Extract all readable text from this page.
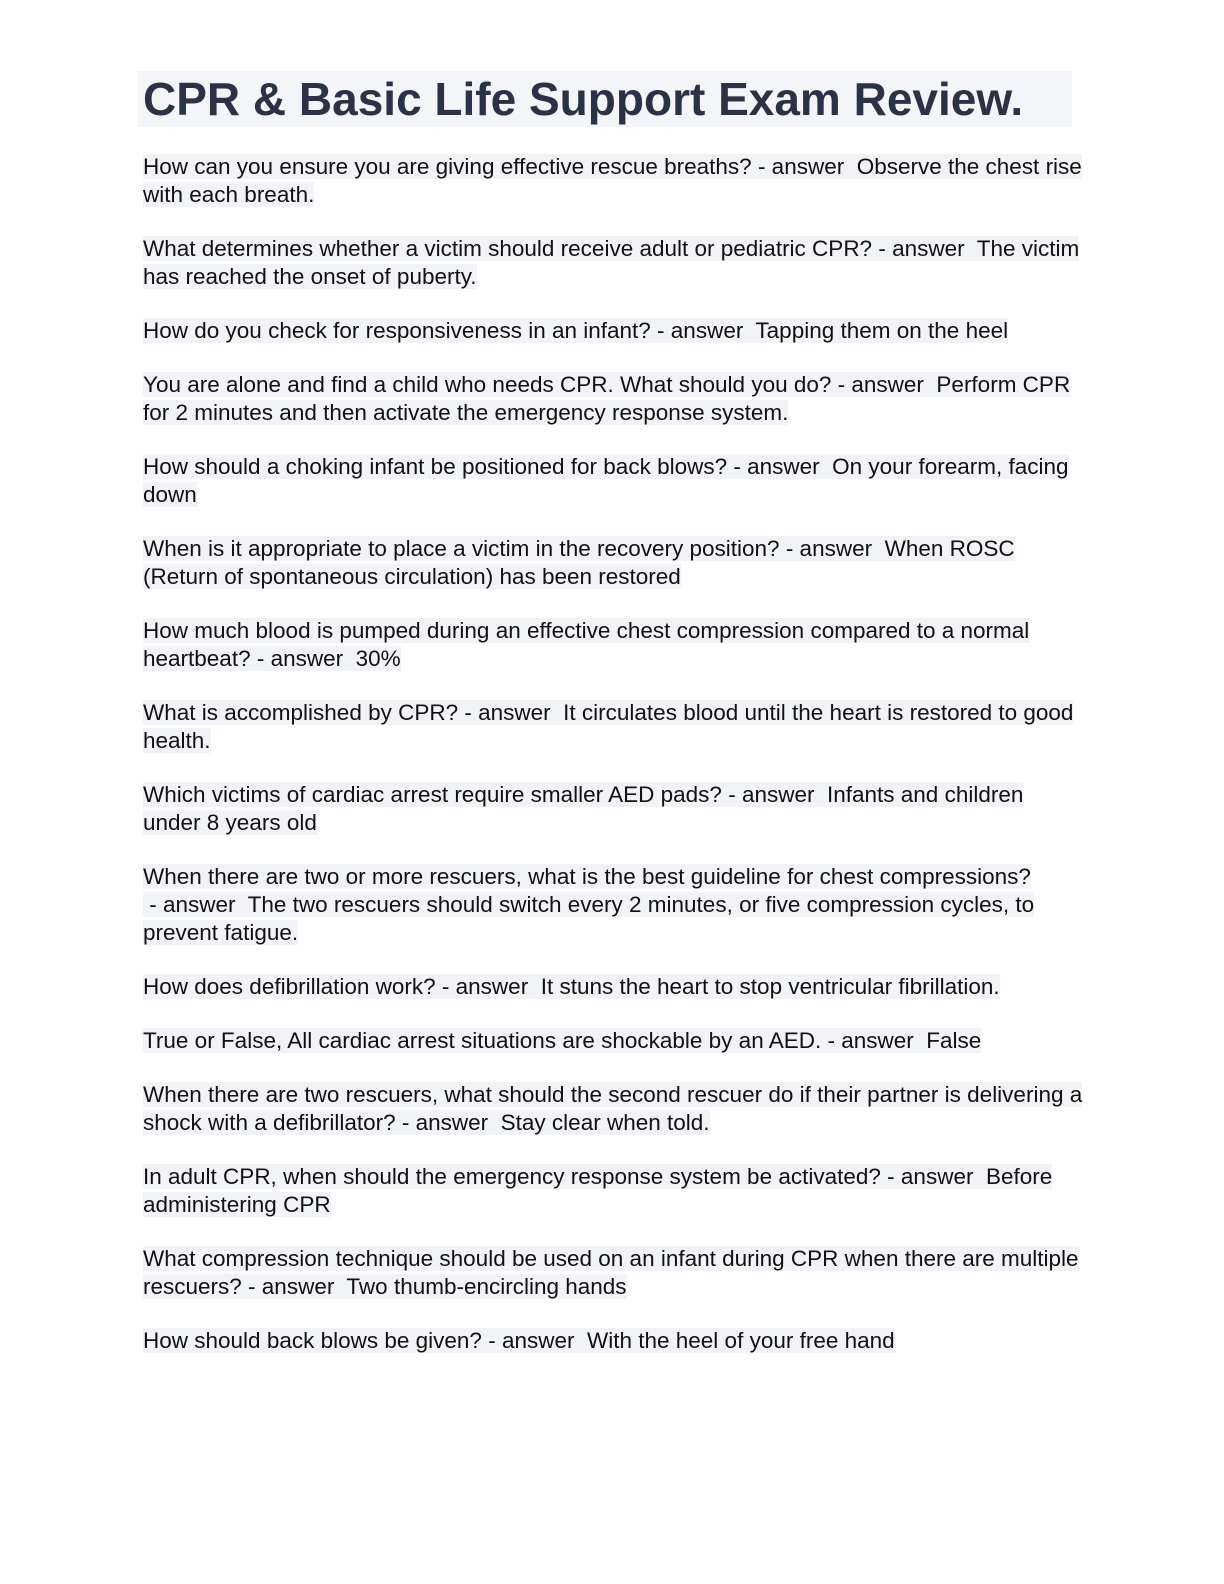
CPR & Basic Life Support Exam Review.
How can you ensure you are giving effective rescue breaths? - answer  Observe the chest rise with each breath.
What determines whether a victim should receive adult or pediatric CPR? - answer  The victim has reached the onset of puberty.
How do you check for responsiveness in an infant? - answer  Tapping them on the heel
You are alone and find a child who needs CPR. What should you do? - answer  Perform CPR for 2 minutes and then activate the emergency response system.
How should a choking infant be positioned for back blows? - answer  On your forearm, facing down
When is it appropriate to place a victim in the recovery position? - answer  When ROSC (Return of spontaneous circulation) has been restored
How much blood is pumped during an effective chest compression compared to a normal heartbeat? - answer  30%
What is accomplished by CPR? - answer  It circulates blood until the heart is restored to good health.
Which victims of cardiac arrest require smaller AED pads? - answer  Infants and children under 8 years old
When there are two or more rescuers, what is the best guideline for chest compressions? - answer  The two rescuers should switch every 2 minutes, or five compression cycles, to prevent fatigue.
How does defibrillation work? - answer  It stuns the heart to stop ventricular fibrillation.
True or False, All cardiac arrest situations are shockable by an AED. - answer  False
When there are two rescuers, what should the second rescuer do if their partner is delivering a shock with a defibrillator? - answer  Stay clear when told.
In adult CPR, when should the emergency response system be activated? - answer  Before administering CPR
What compression technique should be used on an infant during CPR when there are multiple rescuers? - answer  Two thumb-encircling hands
How should back blows be given? - answer  With the heel of your free hand
